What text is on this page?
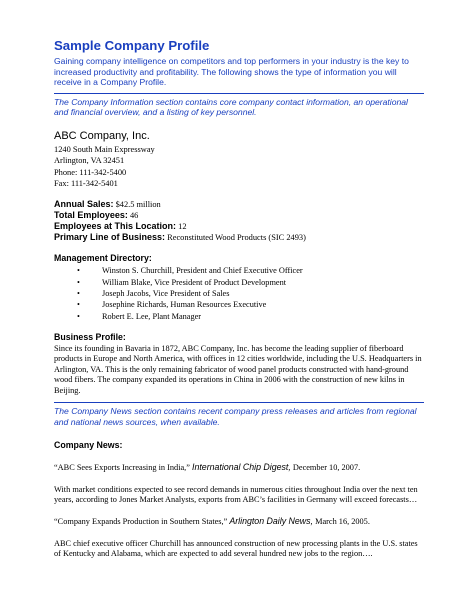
Sample Company Profile

Gaining company intelligence on competitors and top performers in your industry is the key to increased productivity and profitability. The following shows the type of information you will receive in a Company Profile.

The Company Information section contains core company contact information, an operational and financial overview, and a listing of key personnel.

ABC Company, Inc.
1240 South Main Expressway
Arlington, VA 32451
Phone: 111-342-5400
Fax: 111-342-5401
Annual Sales: $42.5 million
Total Employees: 46
Employees at This Location: 12
Primary Line of Business: Reconstituted Wood Products (SIC 2493)
Management Directory:
•	Winston S. Churchill, President and Chief Executive Officer
•	William Blake, Vice President of Product Development
•	Joseph Jacobs, Vice President of Sales
•	Josephine Richards, Human Resources Executive
•	Robert E. Lee, Plant Manager
Business Profile:

Since its founding in Bavaria in 1872, ABC Company, Inc. has become the leading supplier of fiberboard products in Europe and North America, with offices in 12 cities worldwide, including the U.S. Headquarters in Arlington, VA. This is the only remaining fabricator of wood panel products constructed with hand-ground wood fibers. The company expanded its operations in China in 2006 with the construction of new kilns in Beijing.

The Company News section contains recent company press releases and articles from regional and national news sources, when available.

Company News:
“ABC Sees Exports Increasing in India,” International Chip Digest, December 10, 2007.

With market conditions expected to see record demands in numerous cities throughout India over the next ten years, according to Jones Market Analysts, exports from ABC’s facilities in Germany will exceed forecasts…

“Company Expands Production in Southern States,” Arlington Daily News, March 16, 2005.

ABC chief executive officer Churchill has announced construction of new processing plants in the U.S. states of Kentucky and Alabama, which are expected to add several hundred new jobs to the region….
